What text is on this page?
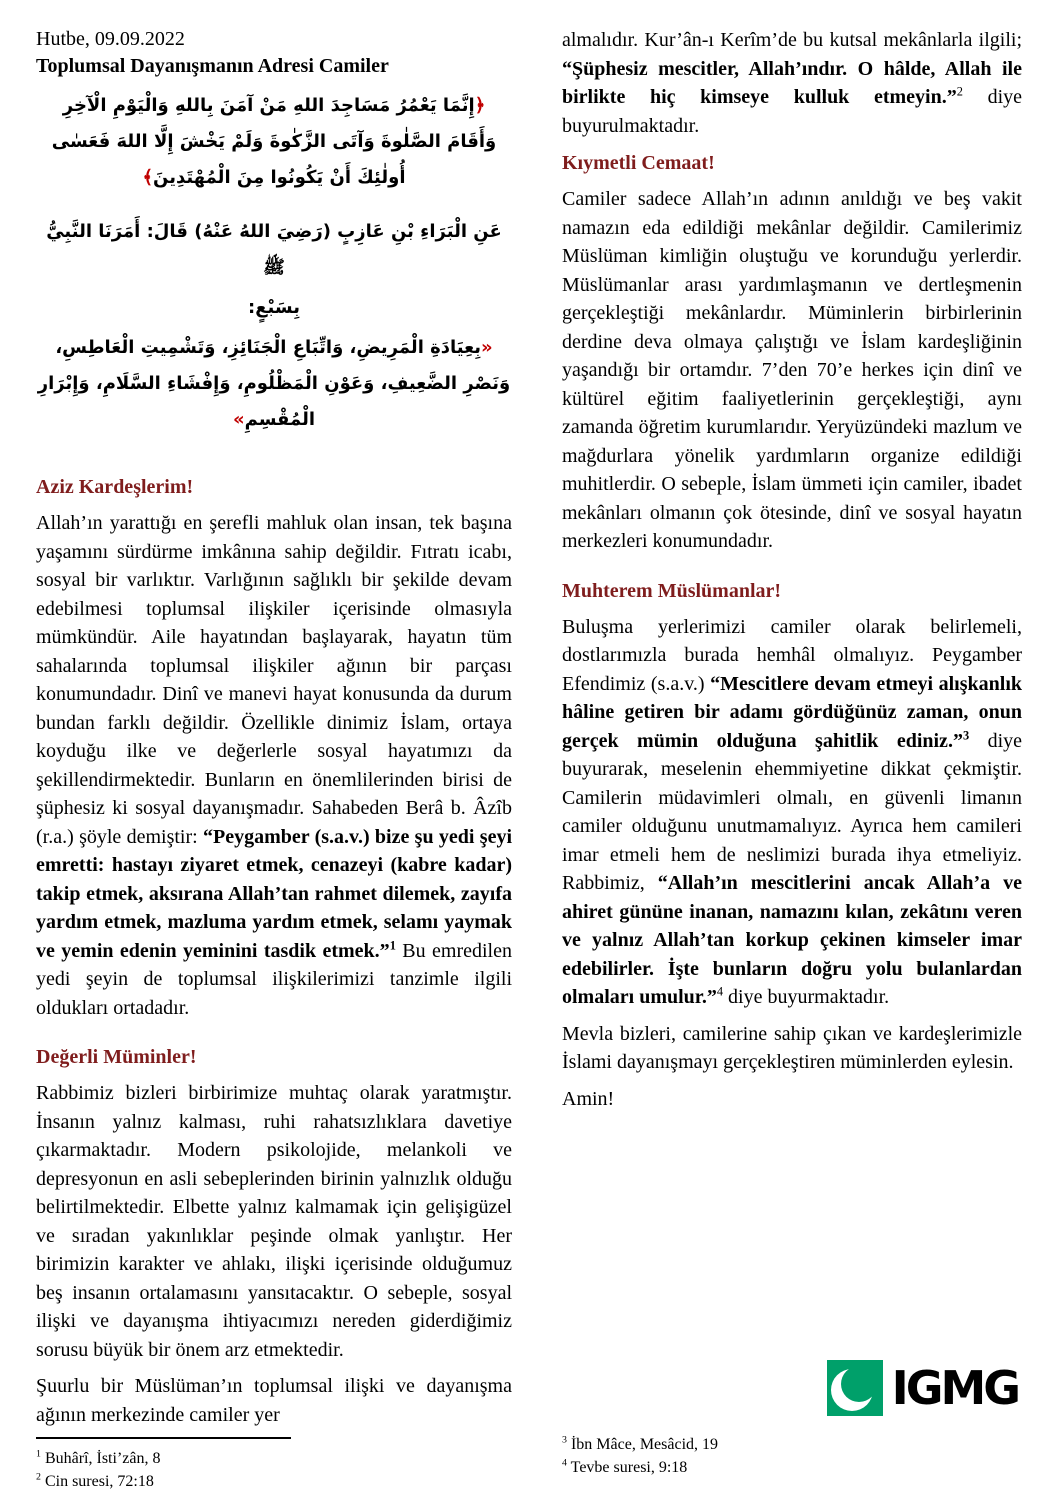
Hutbe, 09.09.2022

Toplumsal Dayanışmanın Adresi Camiler

﴿إِنَّمَا يَعْمُرُ مَسَاجِدَ اللهِ مَنْ آمَنَ بِاللهِ وَالْيَوْمِ الْآخِرِ وَأَقَامَ الصَّلٰوةَ وَآتَى الزَّكٰوةَ وَلَمْ يَخْشَ إِلَّا اللهَ فَعَسٰى أُولٰئِكَ أَنْ يَكُونُوا مِنَ الْمُهْتَدِينَ﴾
عَنِ الْبَرَاءِ بْنِ عَازِبٍ (رَضِيَ اللهُ عَنْهُ) قَالَ: أَمَرَنَا النَّبِيُّ ﷺ
بِسَبْعٍ:
«بِعِيَادَةِ الْمَرِيضِ، وَاتِّبَاعِ الْجَنَائِزِ، وَتَشْمِيتِ الْعَاطِسِ، وَنَصْرِ الضَّعِيفِ، وَعَوْنِ الْمَظْلُومِ، وَإِفْشَاءِ السَّلَامِ، وَإِبْرَارِ الْمُقْسِمِ»
Aziz Kardeşlerim!

Allah’ın yarattığı en şerefli mahluk olan insan, tek başına yaşamını sürdürme imkânına sahip değildir. Fıtratı icabı, sosyal bir varlıktır. Varlığının sağlıklı bir şekilde devam edebilmesi toplumsal ilişkiler içerisinde olmasıyla mümkündür. Aile hayatından başlayarak, hayatın tüm sahalarında toplumsal ilişkiler ağının bir parçası konumundadır. Dinî ve manevi hayat konusunda da durum bundan farklı değildir. Özellikle dinimiz İslam, ortaya koyduğu ilke ve değerlerle sosyal hayatımızı da şekillendirmektedir. Bunların en önemlilerinden birisi de şüphesiz ki sosyal dayanışmadır. Sahabeden Berâ b. Âzîb (r.a.) şöyle demiştir: “Peygamber (s.a.v.) bize şu yedi şeyi emretti: hastayı ziyaret etmek, cenazeyi (kabre kadar) takip etmek, aksırana Allah’tan rahmet dilemek, zayıfa yardım etmek, mazluma yardım etmek, selamı yaymak ve yemin edenin yeminini tasdik etmek.”$^1$ Bu emredilen yedi şeyin de toplumsal ilişkilerimizi tanzimle ilgili oldukları ortadadır.

Değerli Müminler!

Rabbimiz bizleri birbirimize muhtaç olarak yaratmıştır. İnsanın yalnız kalması, ruhi rahatsızlıklara davetiye çıkarmaktadır. Modern psikolojide, melankoli ve depresyonun en asli sebeplerinden birinin yalnızlık olduğu belirtilmektedir. Elbette yalnız kalmamak için gelişigüzel ve sıradan yakınlıklar peşinde olmak yanlıştır. Her birimizin karakter ve ahlakı, ilişki içerisinde olduğumuz beş insanın ortalamasını yansıtacaktır. O sebeple, sosyal ilişki ve dayanışma ihtiyacımızı nereden giderdiğimiz sorusu büyük bir önem arz etmektedir.

Şuurlu bir Müslüman’ın toplumsal ilişki ve dayanışma ağının merkezinde camiler yer

$^1$ Buhârî, İsti’zân, 8

$^2$ Cin suresi, 72:18

almalıdır. Kur’ân-ı Kerîm’de bu kutsal mekânlarla ilgili; “Şüphesiz mescitler, Allah’ındır. O hâlde, Allah ile birlikte hiç kimseye kulluk etmeyin.”$^2$ diye buyurulmaktadır.

Kıymetli Cemaat!

Camiler sadece Allah’ın adının anıldığı ve beş vakit namazın eda edildiği mekânlar değildir. Camilerimiz Müslüman kimliğin oluştuğu ve korunduğu yerlerdir. Müslümanlar arası yardımlaşmanın ve dertleşmenin gerçekleştiği mekânlardır. Müminlerin birbirlerinin derdine deva olmaya çalıştığı ve İslam kardeşliğinin yaşandığı bir ortamdır. 7’den 70’e herkes için dinî ve kültürel eğitim faaliyetlerinin gerçekleştiği, aynı zamanda öğretim kurumlarıdır. Yeryüzündeki mazlum ve mağdurlara yönelik yardımların organize edildiği muhitlerdir. O sebeple, İslam ümmeti için camiler, ibadet mekânları olmanın çok ötesinde, dinî ve sosyal hayatın merkezleri konumundadır.

Muhterem Müslümanlar!

Buluşma yerlerimizi camiler olarak belirlemeli, dostlarımızla burada hemhâl olmalıyız. Peygamber Efendimiz (s.a.v.) “Mescitlere devam etmeyi alışkanlık hâline getiren bir adamı gördüğünüz zaman, onun gerçek mümin olduğuna şahitlik ediniz.”$^3$ diye buyurarak, meselenin ehemmiyetine dikkat çekmiştir. Camilerin müdavimleri olmalı, en güvenli limanın camiler olduğunu unutmamalıyız. Ayrıca hem camileri imar etmeli hem de neslimizi burada ihya etmeliyiz. Rabbimiz, “Allah’ın mescitlerini ancak Allah’a ve ahiret gününe inanan, namazını kılan, zekâtını veren ve yalnız Allah’tan korkup çekinen kimseler imar edebilirler. İşte bunların doğru yolu bulanlardan olmaları umulur.”$^4$ diye buyurmaktadır.

Mevla bizleri, camilerine sahip çıkan ve kardeşlerimizle İslami dayanışmayı gerçekleştiren müminlerden eylesin.

Amin!

IGMG

$^3$ İbn Mâce, Mesâcid, 19

$^4$ Tevbe suresi, 9:18
